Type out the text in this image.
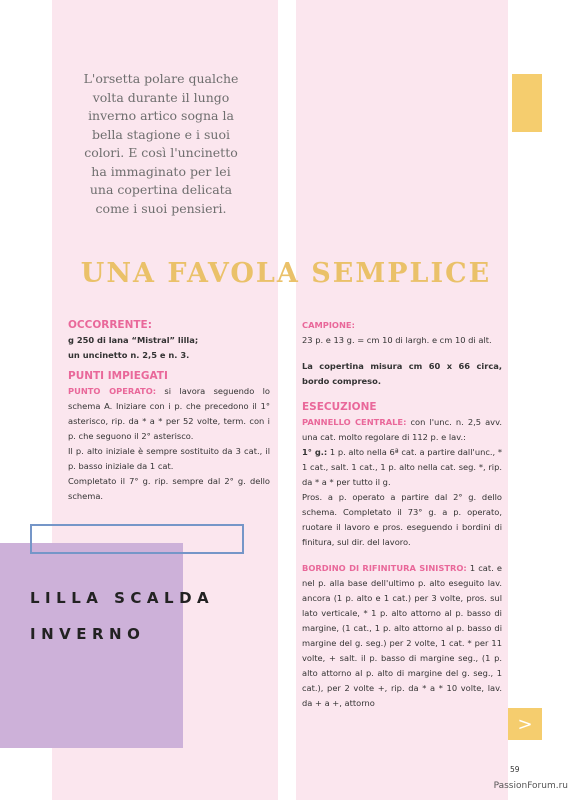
L'orsetta polare qualche
volta durante il lungo
inverno artico sogna la
bella stagione e i suoi
colori. E così l'uncinetto
ha immaginato per lei
una copertina delicata
come i suoi pensieri.

UNA FAVOLA SEMPLICE

OCCORRENTE:

g 250 di lana “Mistral” lilla;

un uncinetto n. 2,5 e n. 3.

PUNTI IMPIEGATI

PUNTO OPERATO: si lavora seguendo lo schema A. Iniziare con i p. che precedono il 1° asterisco, rip. da * a * per 52 volte, term. con i p. che seguono il 2° asterisco.

Il p. alto iniziale è sempre sostituito da 3 cat., il p. basso iniziale da 1 cat.

Completato il 7° g. rip. sempre dal 2° g. dello schema.

CAMPIONE:

23 p. e 13 g. = cm 10 di largh. e cm 10 di alt.

La copertina misura cm 60 x 66 circa, bordo compreso.

ESECUZIONE

PANNELLO CENTRALE: con l'unc. n. 2,5 avv. una cat. molto regolare di 112 p. e lav.:

1° g.: 1 p. alto nella 6ª cat. a partire dall'unc., * 1 cat., salt. 1 cat., 1 p. alto nella cat. seg. *, rip. da * a * per tutto il g.

Pros. a p. operato a partire dal 2° g. dello schema. Completato il 73° g. a p. operato, ruotare il lavoro e pros. eseguendo i bordini di finitura, sul dir. del lavoro.

BORDINO DI RIFINITURA SINISTRO: 1 cat. e nel p. alla base dell'ultimo p. alto eseguito lav. ancora (1 p. alto e 1 cat.) per 3 volte, pros. sul lato verticale, * 1 p. alto attorno al p. basso di margine, (1 cat., 1 p. alto attorno al p. basso di margine del g. seg.) per 2 volte, 1 cat. * per 11 volte, + salt. il p. basso di margine seg., (1 p. alto attorno al p. alto di margine del g. seg., 1 cat.), per 2 volte +, rip. da * a * 10 volte, lav. da + a +, attorno

LILLA SCALDA
INVERNO

>
59
PassionForum.ru
